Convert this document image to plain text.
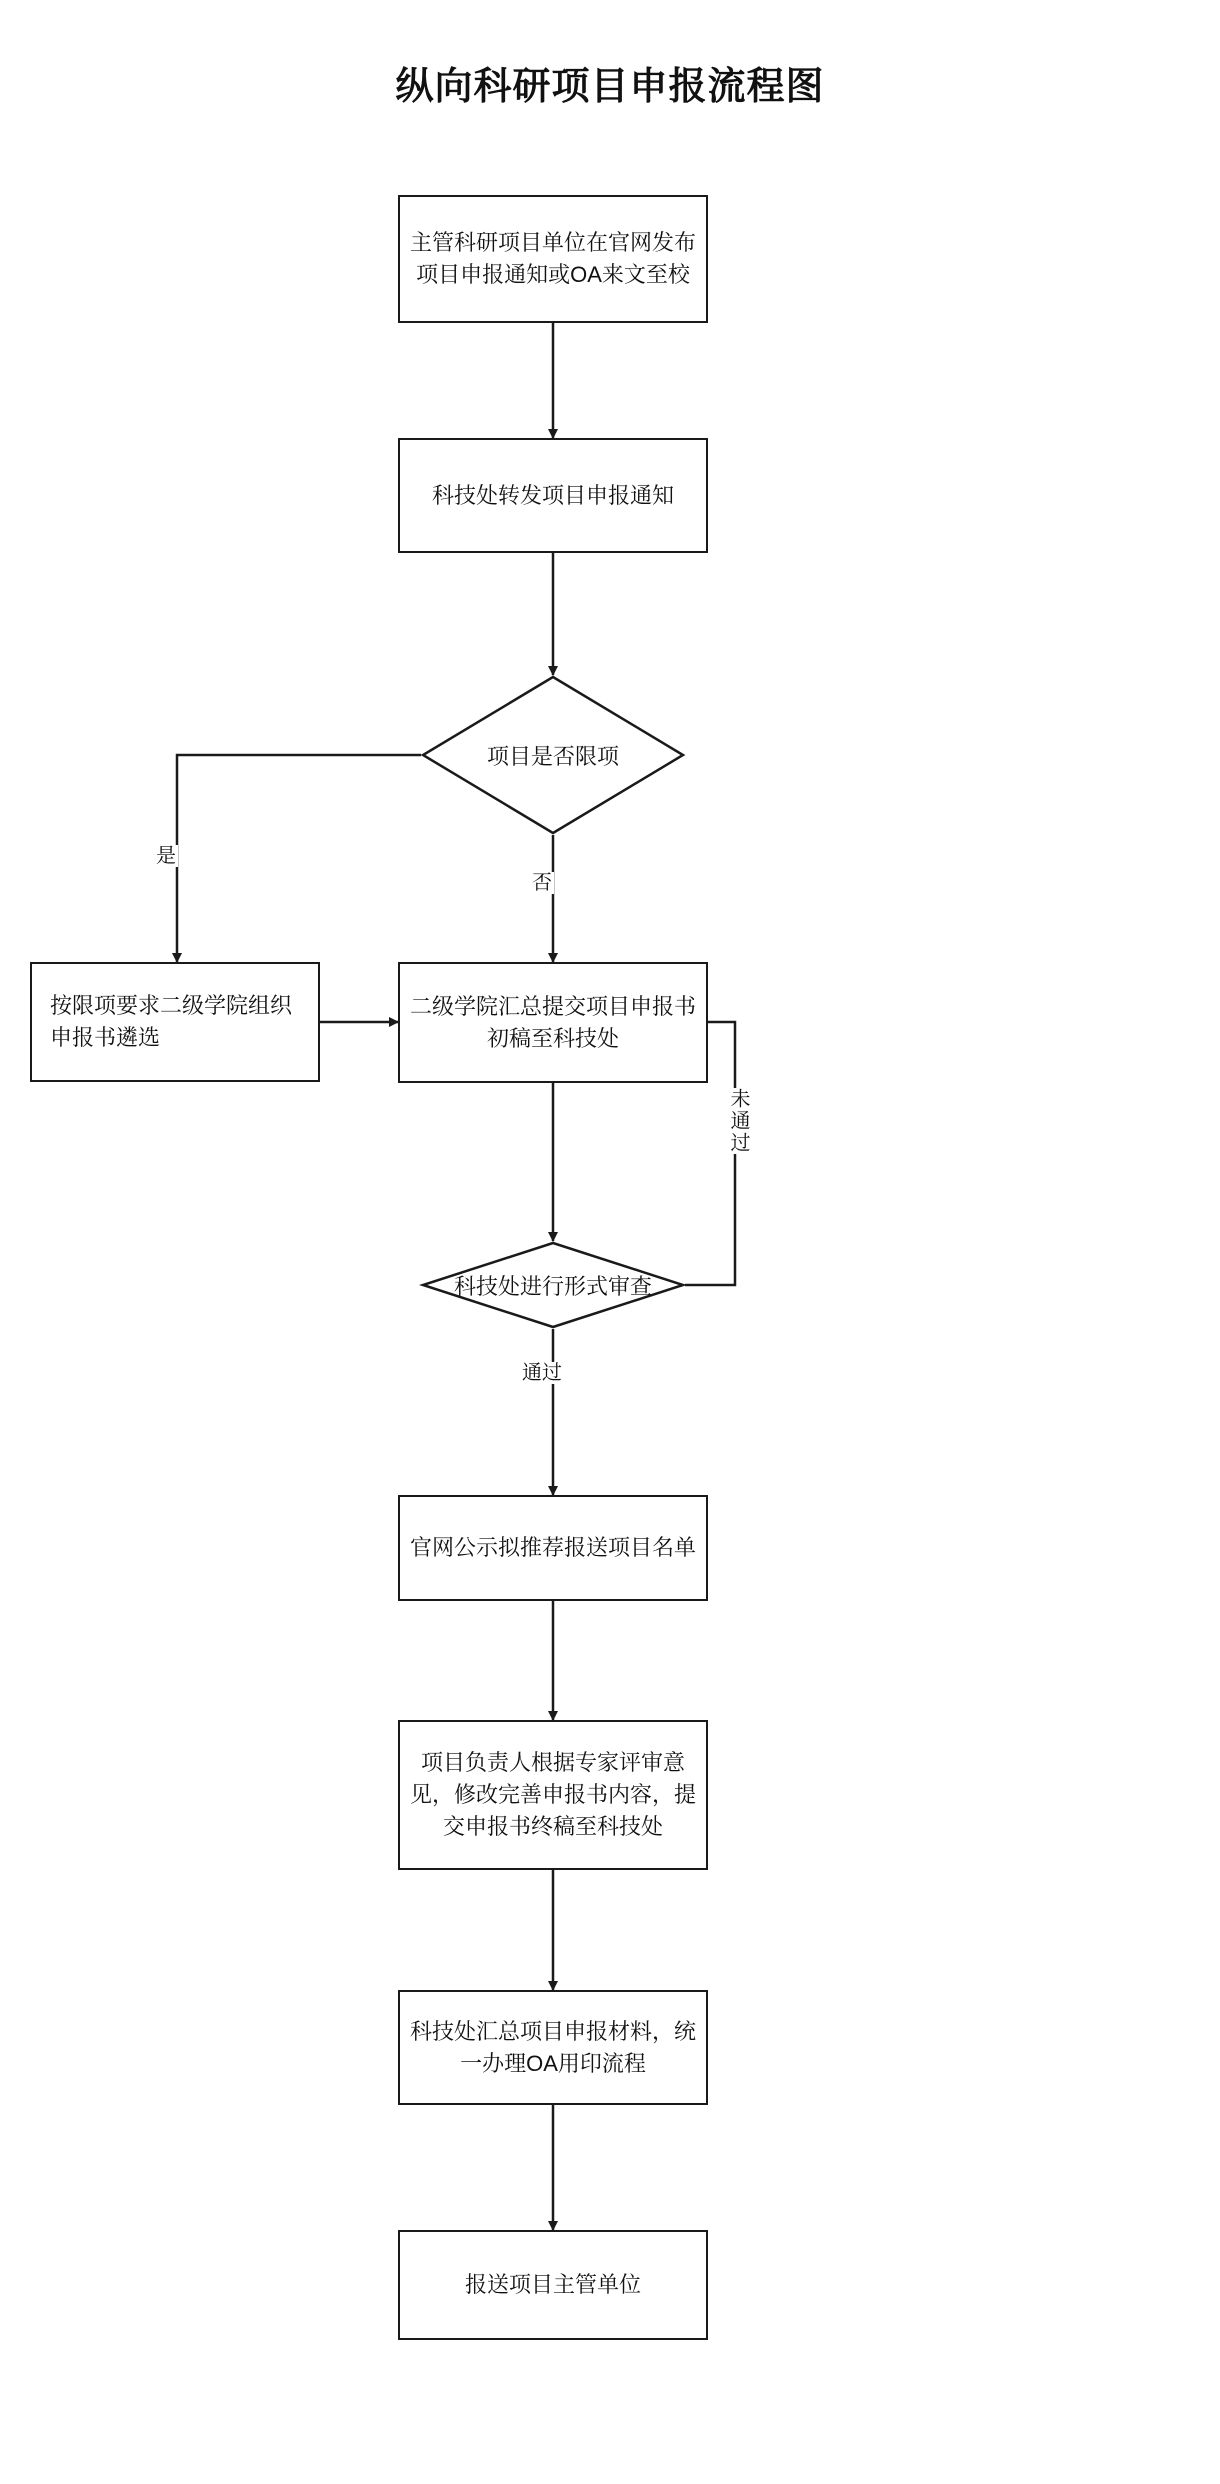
纵向科研项目申报流程图
主管科研项目单位在官网发布项目申报通知或OA来文至校
科技处转发项目申报通知
项目是否限项
是
否
按限项要求二级学院组织申报书遴选
二级学院汇总提交项目申报书初稿至科技处
未通过
科技处进行形式审查
通过
官网公示拟推荐报送项目名单
项目负责人根据专家评审意见，修改完善申报书内容，提交申报书终稿至科技处
科技处汇总项目申报材料，统一办理OA用印流程
报送项目主管单位
